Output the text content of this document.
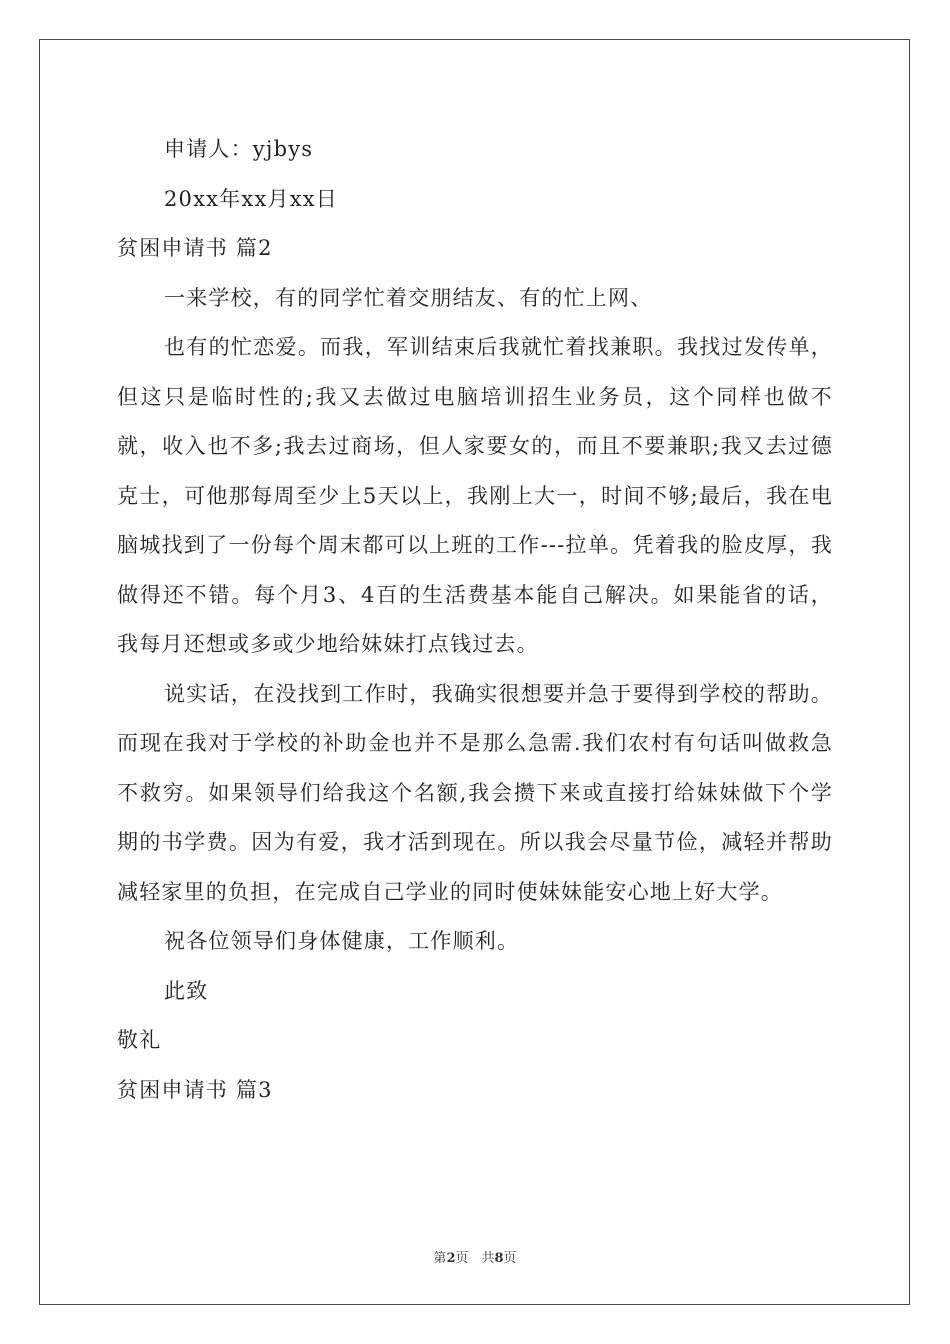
申请人：yjbys
20xx年xx月xx日
贫困申请书 篇2
一来学校，有的同学忙着交朋结友、有的忙上网、
也有的忙恋爱。而我，军训结束后我就忙着找兼职。我找过发传单，但这只是临时性的;我又去做过电脑培训招生业务员，这个同样也做不就，收入也不多;我去过商场，但人家要女的，而且不要兼职;我又去过德克士，可他那每周至少上5天以上，我刚上大一，时间不够;最后，我在电脑城找到了一份每个周末都可以上班的工作---拉单。凭着我的脸皮厚，我做得还不错。每个月3、4百的生活费基本能自己解决。如果能省的话，我每月还想或多或少地给妹妹打点钱过去。
说实话，在没找到工作时，我确实很想要并急于要得到学校的帮助。而现在我对于学校的补助金也并不是那么急需.我们农村有句话叫做救急不救穷。如果领导们给我这个名额,我会攒下来或直接打给妹妹做下个学期的书学费。因为有爱，我才活到现在。所以我会尽量节俭，减轻并帮助减轻家里的负担，在完成自己学业的同时使妹妹能安心地上好大学。
祝各位领导们身体健康，工作顺利。
此致
敬礼
贫困申请书 篇3
第2页　共8页
